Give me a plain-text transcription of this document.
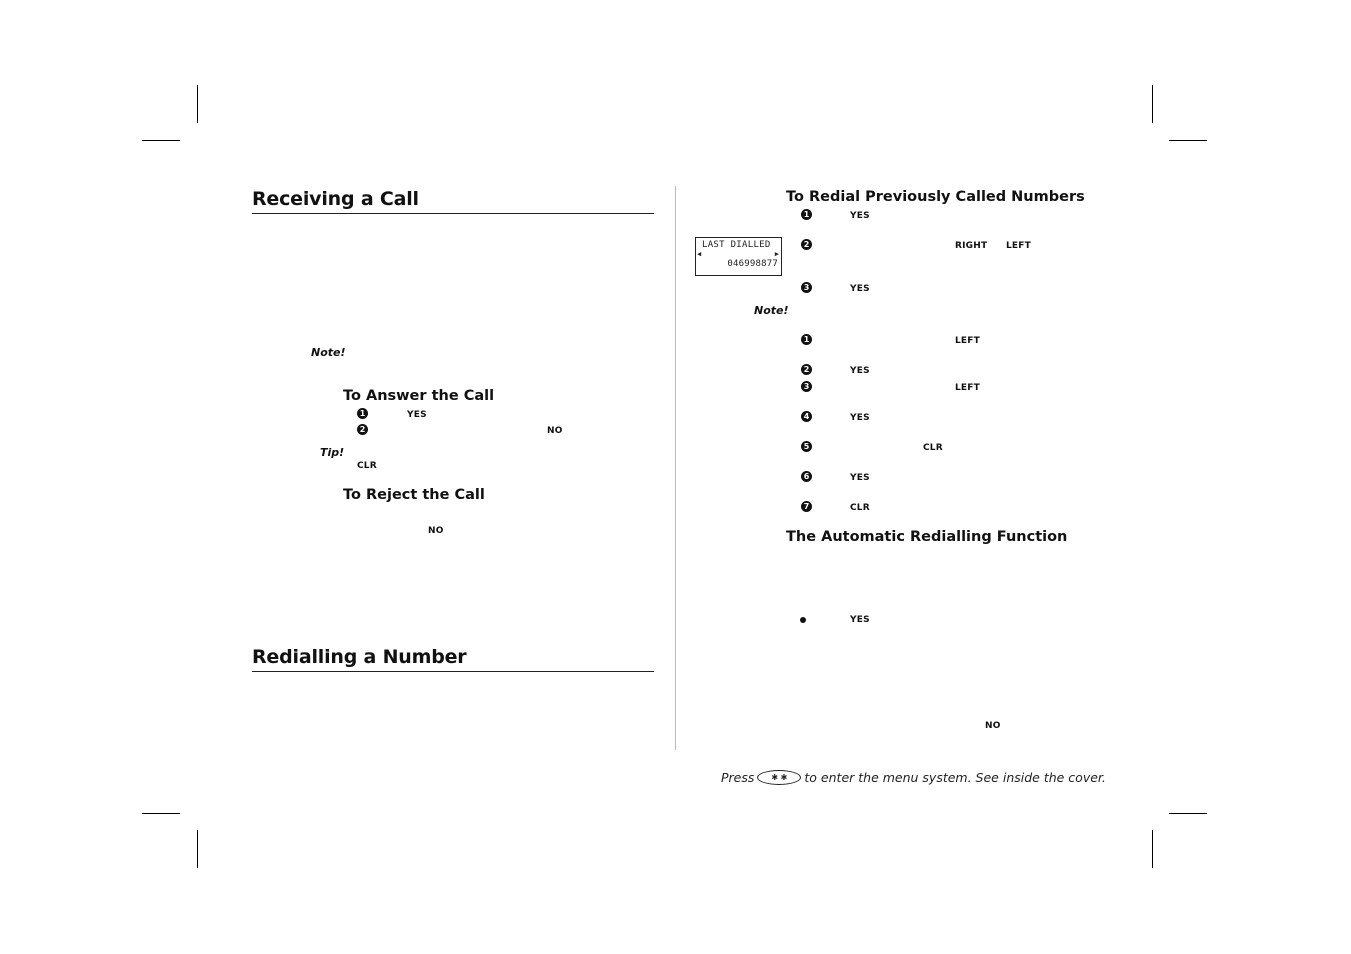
Receiving a Call
Note!
To Answer the Call
1	YES
2	NO
Tip!
CLR
To Reject the Call
NO
Redialling a Number
To Redial Previously Called Numbers
1	YES
LAST DIALLED
◀	▶
046998877
2	RIGHT LEFT
3	YES
Note!
1	LEFT
2	YES
3	LEFT
4	YES
5	CLR
6	YES
7	CLR
The Automatic Redialling Function
YES
NO
Press ✱ ✱ to enter the menu system. See inside the cover.
